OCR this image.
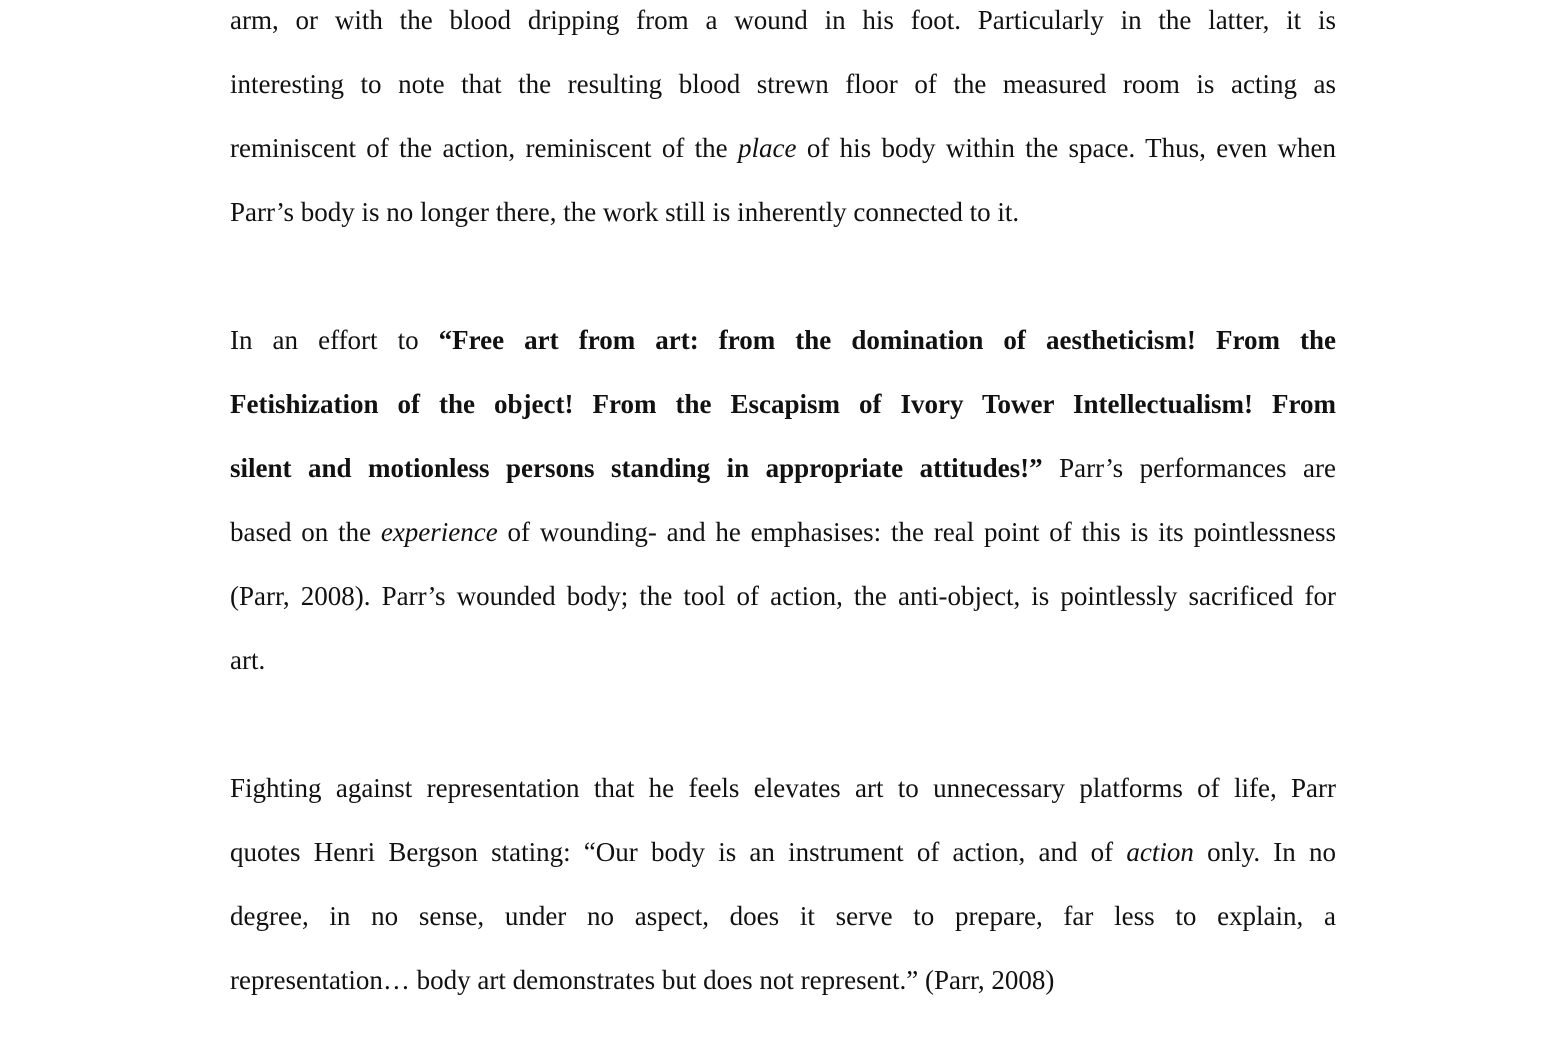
arm, or with the blood dripping from a wound in his foot. Particularly in the latter, it is
interesting to note that the resulting blood strewn floor of the measured room is acting as
reminiscent of the action, reminiscent of the place of his body within the space. Thus, even when
Parr’s body is no longer there, the work still is inherently connected to it.
In an effort to “Free art from art: from the domination of aestheticism! From the
Fetishization of the object! From the Escapism of Ivory Tower Intellectualism! From
silent and motionless persons standing in appropriate attitudes!” Parr’s performances are
based on the experience of wounding- and he emphasises: the real point of this is its pointlessness
(Parr, 2008). Parr’s wounded body; the tool of action, the anti-object, is pointlessly sacrificed for
art.
Fighting against representation that he feels elevates art to unnecessary platforms of life, Parr
quotes Henri Bergson stating: “Our body is an instrument of action, and of action only. In no
degree, in no sense, under no aspect, does it serve to prepare, far less to explain, a
representation… body art demonstrates but does not represent.” (Parr, 2008)
